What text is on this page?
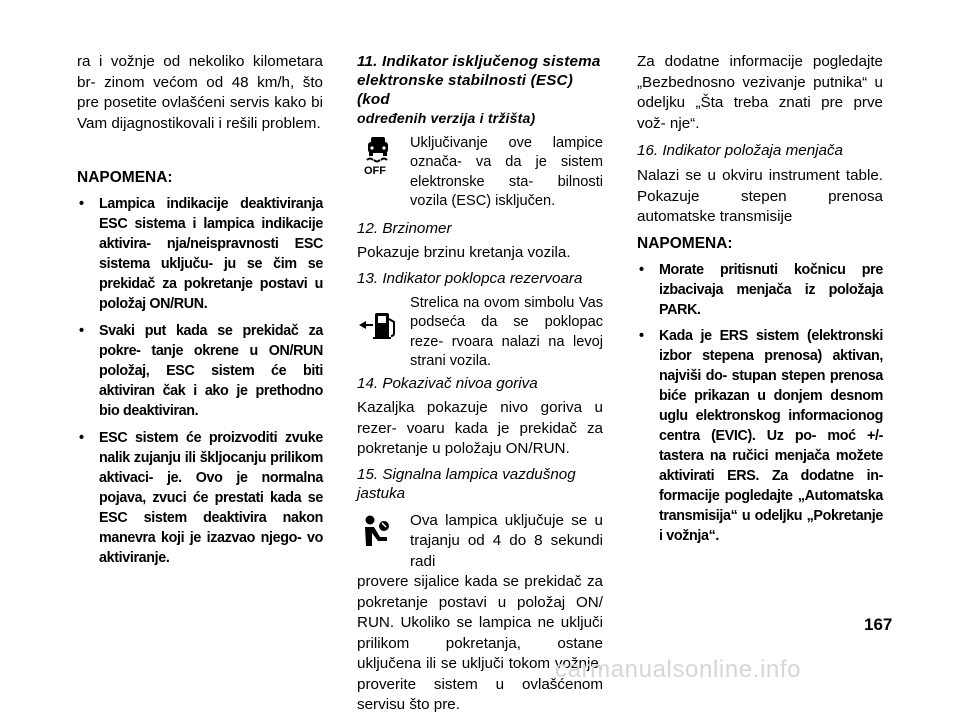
ra i vožnje od nekoliko kilometara br- zinom većom od 48 km/h, što pre posetite ovlašćeni servis kako bi Vam dijagnostikovali i rešili problem.

NAPOMENA:

• Lampica indikacije deaktiviranja ESC sistema i lampica indikacije aktivira- nja/neispravnosti ESC sistema uključu- ju se čim se prekidač za pokretanje postavi u položaj ON/RUN.
• Svaki put kada se prekidač za pokre- tanje okrene u ON/RUN položaj, ESC sistem će biti aktiviran čak i ako je prethodno bio deaktiviran.
• ESC sistem će proizvoditi zvuke nalik zujanju ili škljocanju prilikom aktivaci- je. Ovo je normalna pojava, zvuci će prestati kada se ESC sistem deaktivira nakon manevra koji je izazvao njego- vo aktiviranje.

11. Indikator isključenog sistema elektronske stabilnosti (ESC)(kod
određenih verzija i tržišta)

OFF

Uključivanje ove lampice označa- va da je sistem elektronske sta- bilnosti vozila (ESC) isključen.

12. Brzinomer

Pokazuje brzinu kretanja vozila.

13. Indikator poklopca rezervoara

Strelica na ovom simbolu Vas podseća da se poklopac reze- rvoara nalazi na levoj strani vozila.

14. Pokazivač nivoa goriva

Kazaljka pokazuje nivo goriva u rezer- voaru kada je prekidač za pokretanje u položaju ON/RUN.

15. Signalna lampica vazdušnog jastuka

Ova lampica uključuje se u trajanju od 4 do 8 sekundi radi

provere sijalice kada se prekidač za pokretanje postavi u položaj ON/ RUN. Ukoliko se lampica ne uključi prilikom pokretanja, ostane uključena ili se uključi tokom vožnje, proverite sistem u ovlašćenom servisu što pre.

Za dodatne informacije pogledajte „Bezbednosno vezivanje putnika“ u odeljku „Šta treba znati pre prve vož- nje“.

16. Indikator položaja menjača

Nalazi se u okviru instrument table. Pokazuje stepen prenosa automatske transmisije

NAPOMENA:

• Morate pritisnuti kočnicu pre izbacivaja menjača iz položaja PARK.
• Kada je ERS sistem (elektronski izbor stepena prenosa) aktivan, najviši do- stupan stepen prenosa biće prikazan u donjem desnom uglu elektronskog informacionog centra (EVIC). Uz po- moć +/- tastera na ručici menjača možete aktivirati ERS. Za dodatne in- formacije pogledajte „Automatska transmisija“ u odeljku „Pokretanje i vožnja“.
167
carmanualsonline.info
